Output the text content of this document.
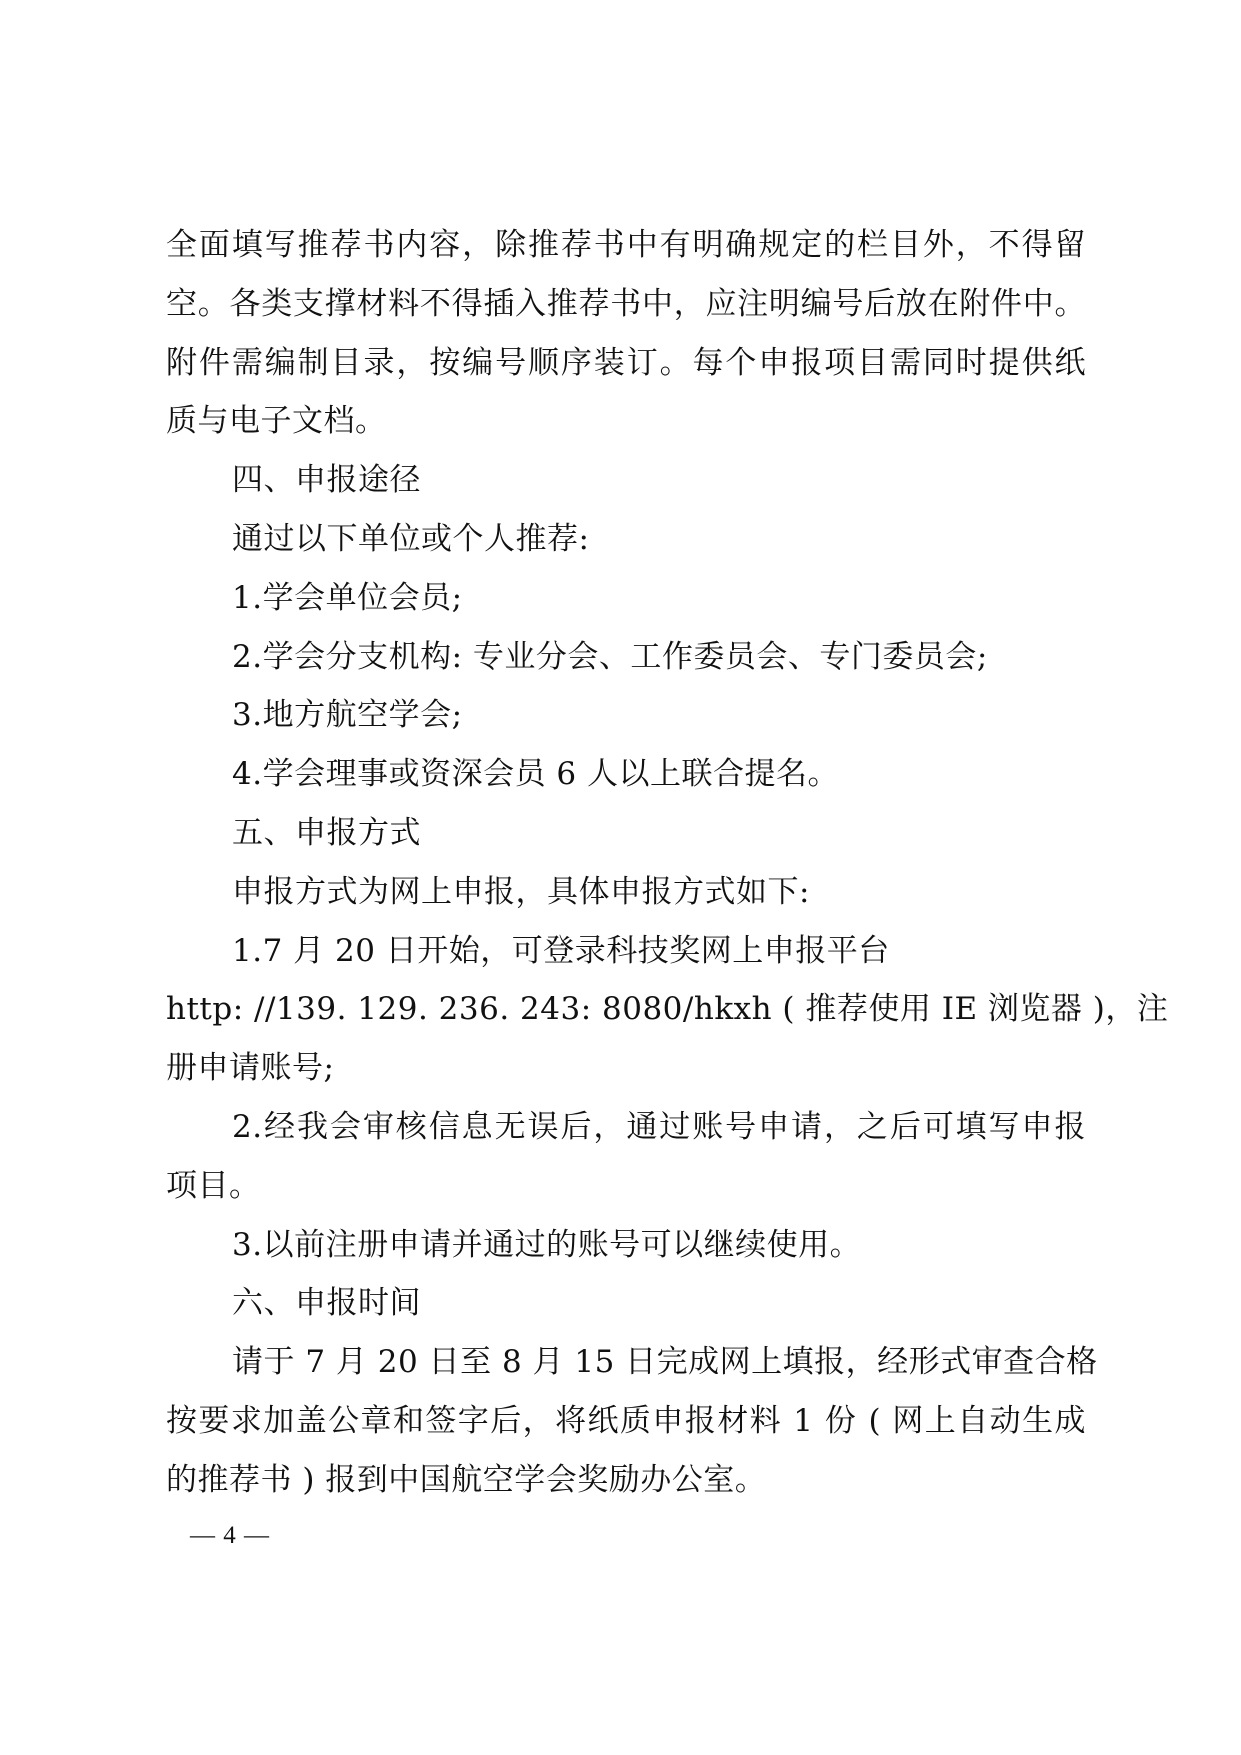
全面填写推荐书内容，除推荐书中有明确规定的栏目外，不得留
空。各类支撑材料不得插入推荐书中，应注明编号后放在附件中。
附件需编制目录，按编号顺序装订。每个申报项目需同时提供纸
质与电子文档。
四、申报途径
通过以下单位或个人推荐:
1.学会单位会员;
2.学会分支机构: 专业分会、工作委员会、专门委员会;
3.地方航空学会;
4.学会理事或资深会员 6 人以上联合提名。
五、申报方式
申报方式为网上申报，具体申报方式如下:
1.7 月 20 日开始，可登录科技奖网上申报平台
http: //139. 129. 236. 243: 8080/hkxh ( 推荐使用 IE 浏览器 )，注
册申请账号;
2.经我会审核信息无误后，通过账号申请，之后可填写申报
项目。
3.以前注册申请并通过的账号可以继续使用。
六、申报时间
请于 7 月 20 日至 8 月 15 日完成网上填报，经形式审查合格
按要求加盖公章和签字后，将纸质申报材料 1 份 ( 网上自动生成
的推荐书 ) 报到中国航空学会奖励办公室。
— 4 —
